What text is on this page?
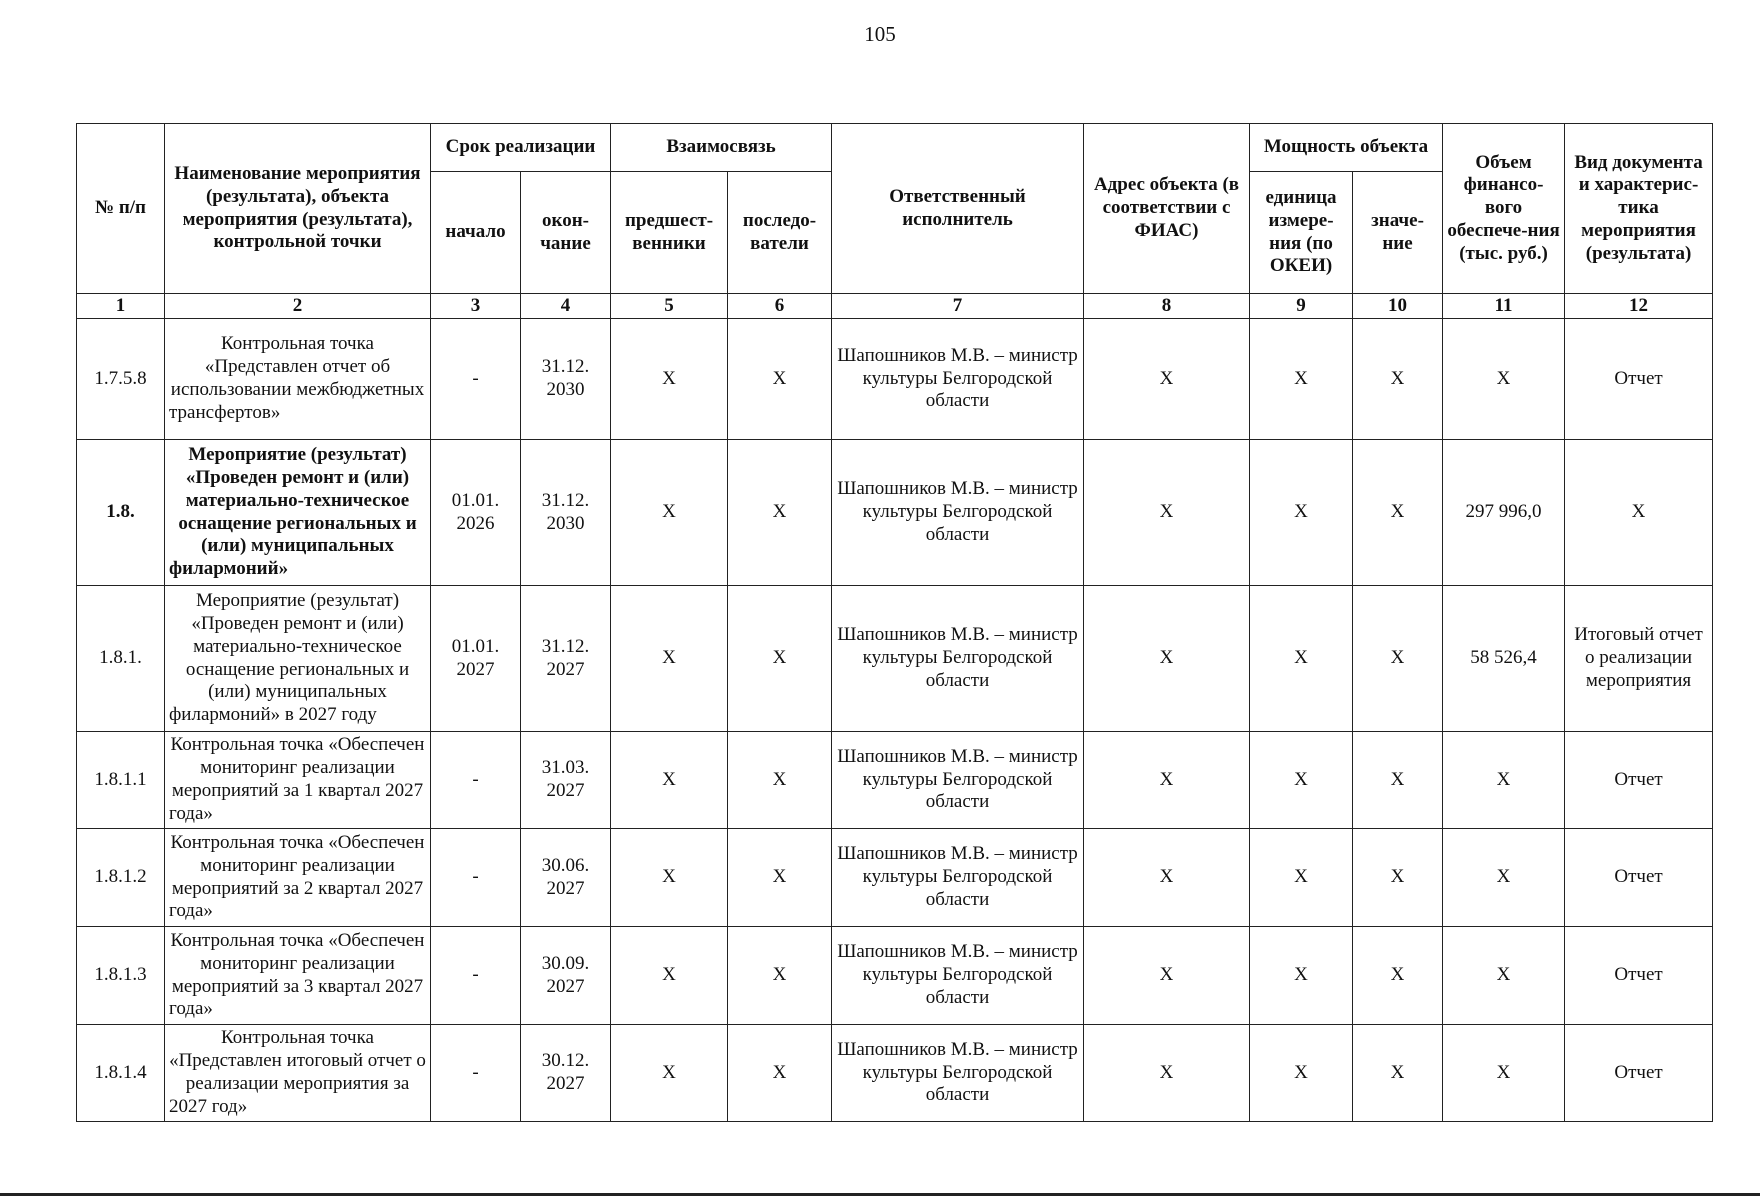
105
№ п/п	Наименование мероприятия (результата), объекта мероприятия (результата), контрольной точки	Срок реализации		Взаимосвязь		Ответственный исполнитель	Адрес объекта (в соответствии с ФИАС)	Мощность объекта		Объем финансо-вого обеспече-ния (тыс. руб.)	Вид документа и характерис-тика мероприятия (результата)
		начало	окон-чание	предшест-венники	последо-ватели			единица измере-ния (по ОКЕИ)	значе-ние		
1	2	3	4	5	6	7	8	9	10	11	12
1.7.5.8	Контрольная точка «Представлен отчет об использовании межбюджетных трансфертов»	-	31.12. 2030	Х	Х	Шапошников М.В. – министр культуры Белгородской области	Х	Х	Х	Х	Отчет
1.8.	Мероприятие (результат) «Проведен ремонт и (или) материально-техническое оснащение региональных и (или) муниципальных филармоний»	01.01. 2026	31.12. 2030	Х	Х	Шапошников М.В. – министр культуры Белгородской области	Х	Х	Х	297 996,0	Х
1.8.1.	Мероприятие (результат) «Проведен ремонт и (или) материально-техническое оснащение региональных и (или) муниципальных филармоний» в 2027 году	01.01. 2027	31.12. 2027	Х	Х	Шапошников М.В. – министр культуры Белгородской области	Х	Х	Х	58 526,4	Итоговый отчет о реализации мероприятия
1.8.1.1	Контрольная точка «Обеспечен мониторинг реализации мероприятий за 1 квартал 2027 года»	-	31.03. 2027	Х	Х	Шапошников М.В. – министр культуры Белгородской области	Х	Х	Х	Х	Отчет
1.8.1.2	Контрольная точка «Обеспечен мониторинг реализации мероприятий за 2 квартал 2027 года»	-	30.06. 2027	Х	Х	Шапошников М.В. – министр культуры Белгородской области	Х	Х	Х	Х	Отчет
1.8.1.3	Контрольная точка «Обеспечен мониторинг реализации мероприятий за 3 квартал 2027 года»	-	30.09. 2027	Х	Х	Шапошников М.В. – министр культуры Белгородской области	Х	Х	Х	Х	Отчет
1.8.1.4	Контрольная точка «Представлен итоговый отчет о реализации мероприятия за 2027 год»	-	30.12. 2027	Х	Х	Шапошников М.В. – министр культуры Белгородской области	Х	Х	Х	Х	Отчет
